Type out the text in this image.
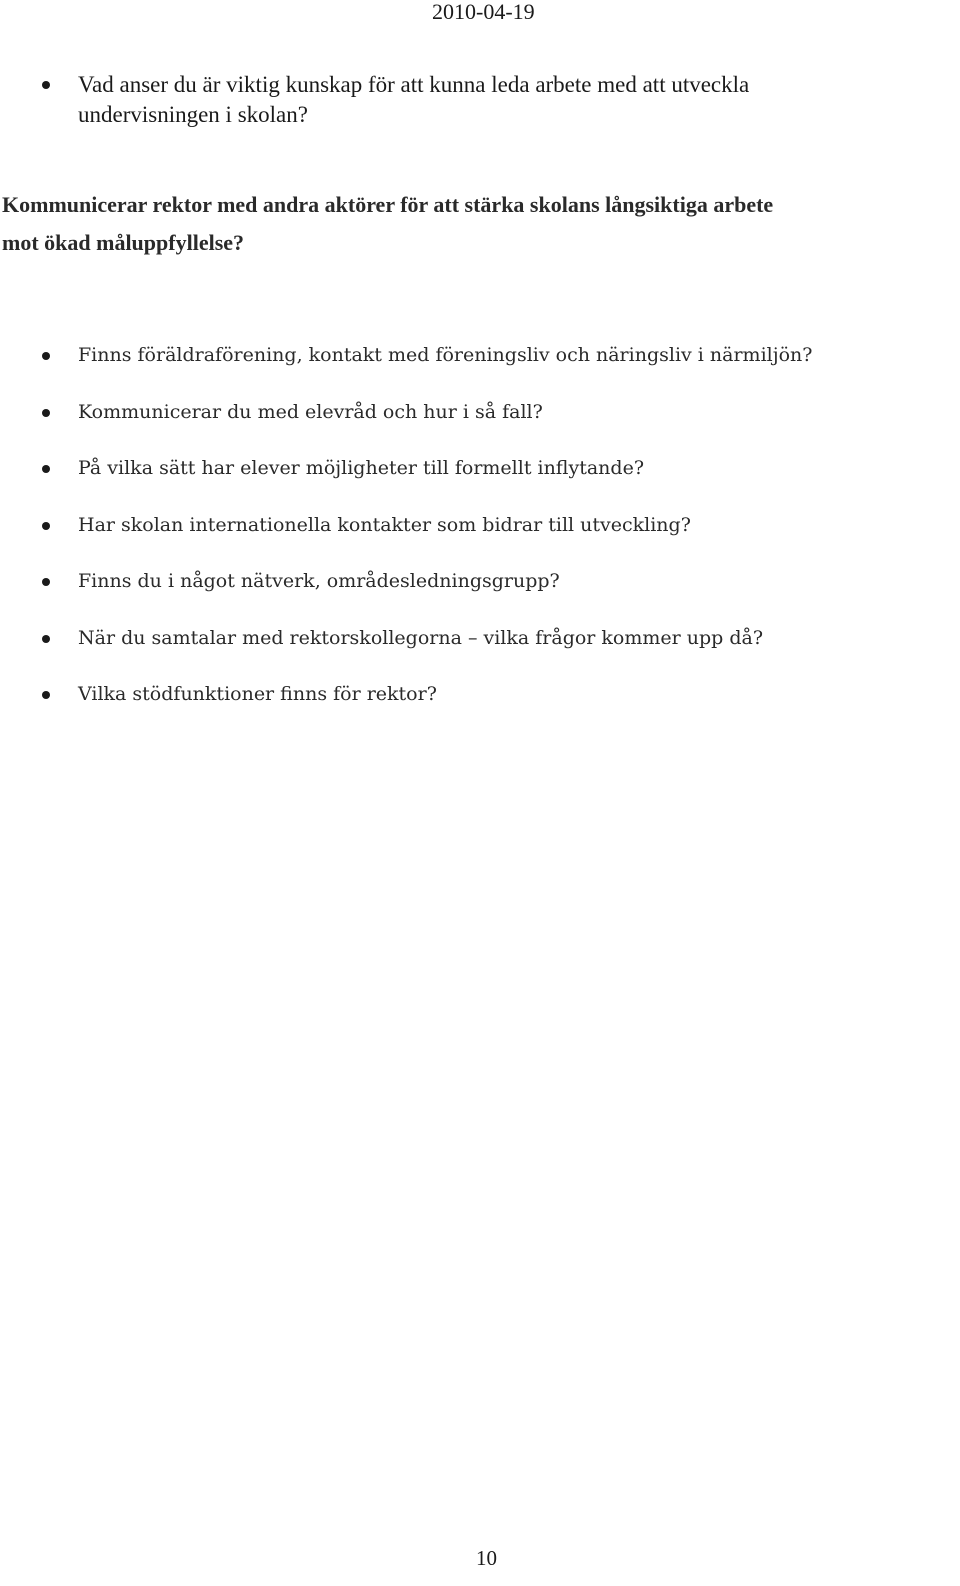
2010-04-19
Vad anser du är viktig kunskap för att kunna leda arbete med att utveckla
undervisningen i skolan?
Kommunicerar rektor med andra aktörer för att stärka skolans långsiktiga arbete
mot ökad måluppfyllelse?
Finns föräldraförening, kontakt med föreningsliv och näringsliv i närmiljön?
Kommunicerar du med elevråd och hur i så fall?
På vilka sätt har elever möjligheter till formellt inflytande?
Har skolan internationella kontakter som bidrar till utveckling?
Finns du i något nätverk, områdesledningsgrupp?
När du samtalar med rektorskollegorna – vilka frågor kommer upp då?
Vilka stödfunktioner finns för rektor?
10
